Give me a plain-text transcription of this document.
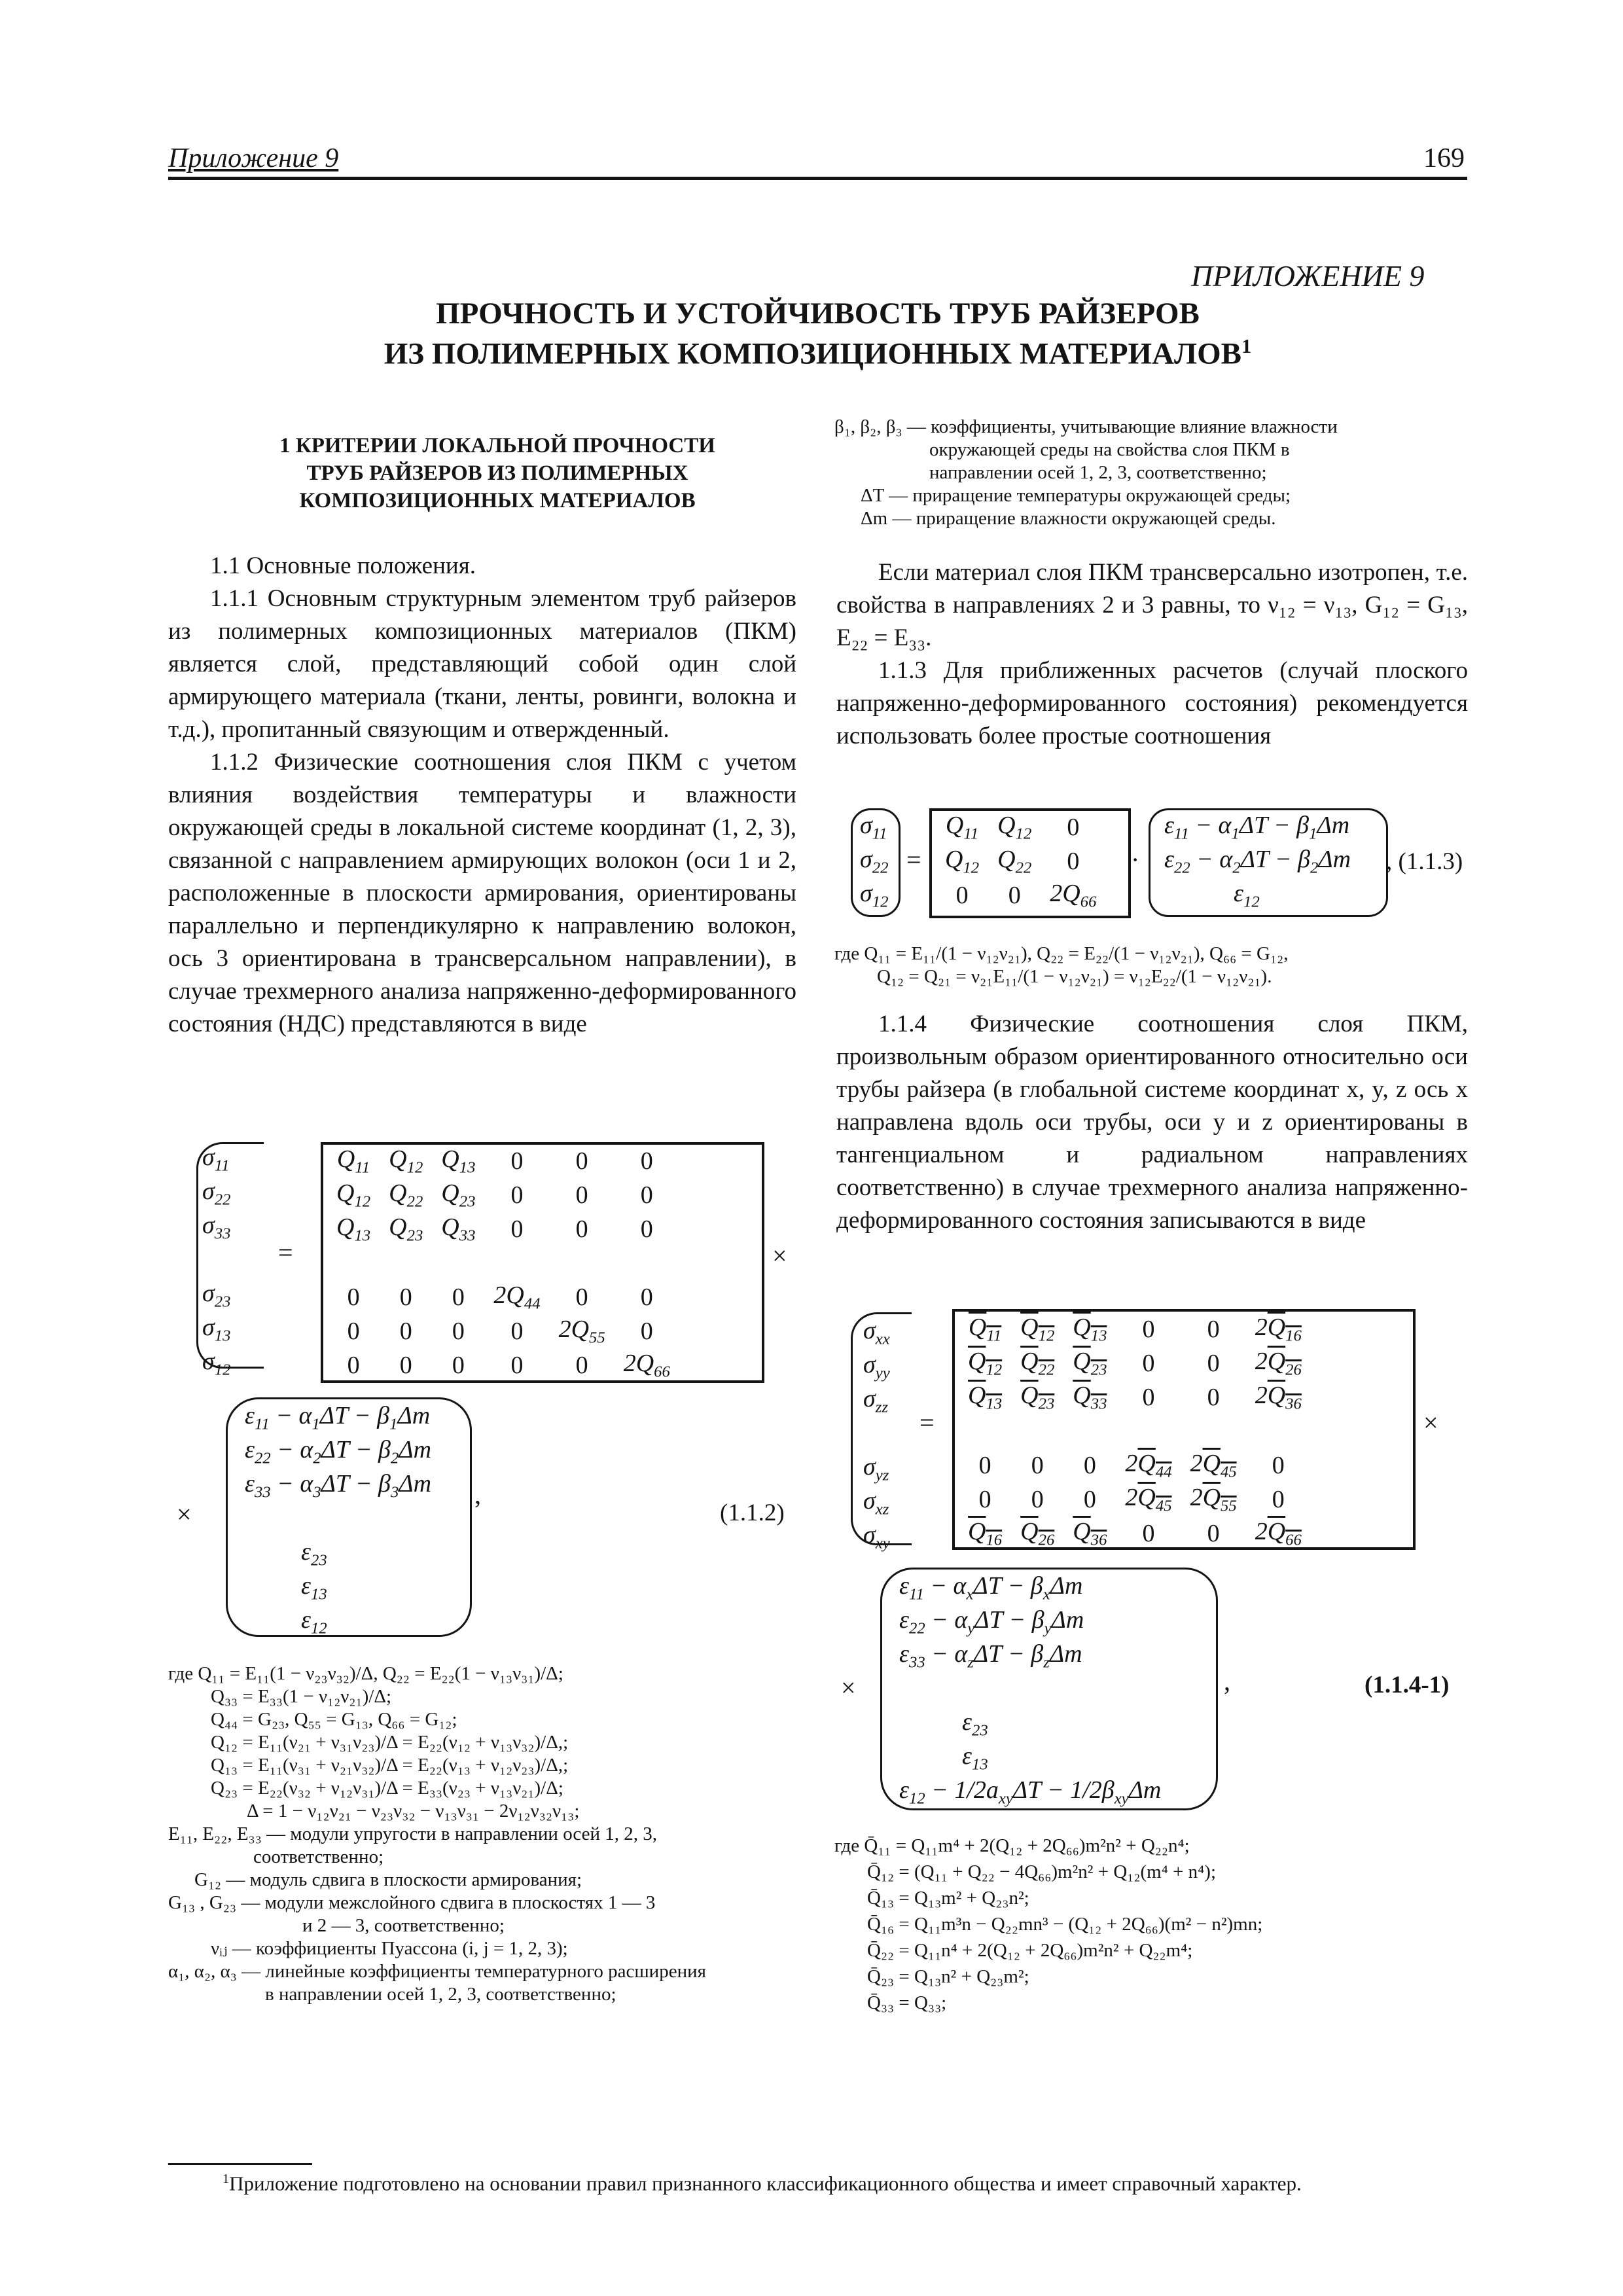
Приложение 9	169
ПРИЛОЖЕНИЕ 9
ПРОЧНОСТЬ И УСТОЙЧИВОСТЬ ТРУБ РАЙЗЕРОВ
ИЗ ПОЛИМЕРНЫХ КОМПОЗИЦИОННЫХ МАТЕРИАЛОВ$^1$
1 КРИТЕРИИ ЛОКАЛЬНОЙ ПРОЧНОСТИ
ТРУБ РАЙЗЕРОВ ИЗ ПОЛИМЕРНЫХ
КОМПОЗИЦИОННЫХ МАТЕРИАЛОВ

1.1 Основные положения.

1.1.1 Основным структурным элементом труб райзеров из полимерных композиционных материалов (ПКМ) является слой, представляющий собой один слой армирующего материала (ткани, ленты, ровинги, волокна и т.д.), пропитанный связующим и отвержденный.

1.1.2 Физические соотношения слоя ПКМ с учетом влияния воздействия температуры и влажности окружающей среды в локальной системе координат (1, 2, 3), связанной с направлением армирующих волокон (оси 1 и 2, расположенные в плоскости армирования, ориентированы параллельно и перпендикулярно к направлению волокон, ось 3 ориентирована в трансверсальном направлении), в случае трехмерного анализа напряженно-деформированного состояния (НДС) представляются в виде

$\sigma_{11}$
$\sigma_{22}$
$\sigma_{33}$

$\sigma_{23}$
$\sigma_{13}$
$\sigma_{12}$
=
$Q_{11}$	$Q_{12}$	$Q_{13}$	0	0	0
$Q_{12}$	$Q_{22}$	$Q_{23}$	0	0	0
$Q_{13}$	$Q_{23}$	$Q_{33}$	0	0	0

0	0	0	$2Q_{44}$	0	0
0	0	0	0	$2Q_{55}$	0
0	0	0	0	0	$2Q_{66}$
×
×
$\varepsilon_{11} - \alpha_1\Delta T - \beta_1\Delta m$
$\varepsilon_{22} - \alpha_2\Delta T - \beta_2\Delta m$
$\varepsilon_{33} - \alpha_3\Delta T - \beta_3\Delta m$

$\varepsilon_{23}$
$\varepsilon_{13}$
$\varepsilon_{12}$
,
(1.1.2)
где Q₁₁ = E₁₁(1 − ν₂₃ν₃₂)/Δ, Q₂₂ = E₂₂(1 − ν₁₃ν₃₁)/Δ;
Q₃₃ = E₃₃(1 − ν₁₂ν₂₁)/Δ;
Q₄₄ = G₂₃, Q₅₅ = G₁₃, Q₆₆ = G₁₂;
Q₁₂ = E₁₁(ν₂₁ + ν₃₁ν₂₃)/Δ = E₂₂(ν₁₂ + ν₁₃ν₃₂)/Δ,;
Q₁₃ = E₁₁(ν₃₁ + ν₂₁ν₃₂)/Δ = E₂₂(ν₁₃ + ν₁₂ν₂₃)/Δ,;
Q₂₃ = E₂₂(ν₃₂ + ν₁₂ν₃₁)/Δ = E₃₃(ν₂₃ + ν₁₃ν₂₁)/Δ;
Δ = 1 − ν₁₂ν₂₁ − ν₂₃ν₃₂ − ν₁₃ν₃₁ − 2ν₁₂ν₃₂ν₁₃;
E₁₁, E₂₂, E₃₃ — модули упругости в направлении осей 1, 2, 3,
соответственно;
G₁₂ — модуль сдвига в плоскости армирования;
G₁₃ , G₂₃ — модули межслойного сдвига в плоскостях 1 — 3
и 2 — 3, соответственно;
νᵢⱼ — коэффициенты Пуассона (i, j = 1, 2, 3);
α₁, α₂, α₃ — линейные коэффициенты температурного расширения
в направлении осей 1, 2, 3, соответственно;
β₁, β₂, β₃ — коэффициенты, учитывающие влияние влажности
окружающей среды на свойства слоя ПКМ в
направлении осей 1, 2, 3, соответственно;
ΔT — приращение температуры окружающей среды;
Δm — приращение влажности окружающей среды.

Если материал слоя ПКМ трансверсально изотропен, т.е. свойства в направлениях 2 и 3 равны, то ν₁₂ = ν₁₃, G₁₂ = G₁₃, E₂₂ = E₃₃.

1.1.3 Для приближенных расчетов (случай плоского напряженно-деформированного состояния) рекомендуется использовать более простые соотношения

$\sigma_{11}$
$\sigma_{22}$
$\sigma_{12}$
=
$Q_{11}$	$Q_{12}$	0
$Q_{12}$	$Q_{22}$	0
0	0	$2Q_{66}$
·
$\varepsilon_{11} - \alpha_1\Delta T - \beta_1\Delta m$
$\varepsilon_{22} - \alpha_2\Delta T - \beta_2\Delta m$
$\varepsilon_{12}$
, (1.1.3)
где Q₁₁ = E₁₁/(1 − ν₁₂ν₂₁), Q₂₂ = E₂₂/(1 − ν₁₂ν₂₁), Q₆₆ = G₁₂,
Q₁₂ = Q₂₁ = ν₂₁E₁₁/(1 − ν₁₂ν₂₁) = ν₁₂E₂₂/(1 − ν₁₂ν₂₁).

1.1.4 Физические соотношения слоя ПКМ, произвольным образом ориентированного относительно оси трубы райзера (в глобальной системе координат x, y, z ось x направлена вдоль оси трубы, оси y и z ориентированы в тангенциальном и радиальном направлениях соответственно) в случае трехмерного анализа напряженно-деформированного состояния записываются в виде

$\sigma_{xx}$
$\sigma_{yy}$
$\sigma_{zz}$

$\sigma_{yz}$
$\sigma_{xz}$
$\sigma_{xy}$
=
$Q_{11}$	$Q_{12}$	$Q_{13}$	0	0	$2Q_{16}$
$Q_{12}$	$Q_{22}$	$Q_{23}$	0	0	$2Q_{26}$
$Q_{13}$	$Q_{23}$	$Q_{33}$	0	0	$2Q_{36}$

0	0	0	$2Q_{44}$	$2Q_{45}$	0
0	0	0	$2Q_{45}$	$2Q_{55}$	0
$Q_{16}$	$Q_{26}$	$Q_{36}$	0	0	$2Q_{66}$
×
×
$\varepsilon_{11} - \alpha_x\Delta T - \beta_x\Delta m$
$\varepsilon_{22} - \alpha_y\Delta T - \beta_y\Delta m$
$\varepsilon_{33} - \alpha_z\Delta T - \beta_z\Delta m$

$\varepsilon_{23}$
$\varepsilon_{13}$
$\varepsilon_{12} - 1/2a_{xy}\Delta T - 1/2\beta_{xy}\Delta m$
,	(1.1.4-1)
где Q̄₁₁ = Q₁₁m⁴ + 2(Q₁₂ + 2Q₆₆)m²n² + Q₂₂n⁴;
Q̄₁₂ = (Q₁₁ + Q₂₂ − 4Q₆₆)m²n² + Q₁₂(m⁴ + n⁴);
Q̄₁₃ = Q₁₃m² + Q₂₃n²;
Q̄₁₆ = Q₁₁m³n − Q₂₂mn³ − (Q₁₂ + 2Q₆₆)(m² − n²)mn;
Q̄₂₂ = Q₁₁n⁴ + 2(Q₁₂ + 2Q₆₆)m²n² + Q₂₂m⁴;
Q̄₂₃ = Q₁₃n² + Q₂₃m²;
Q̄₃₃ = Q₃₃;
$^1$Приложение подготовлено на основании правил признанного классификационного общества и имеет справочный характер.
